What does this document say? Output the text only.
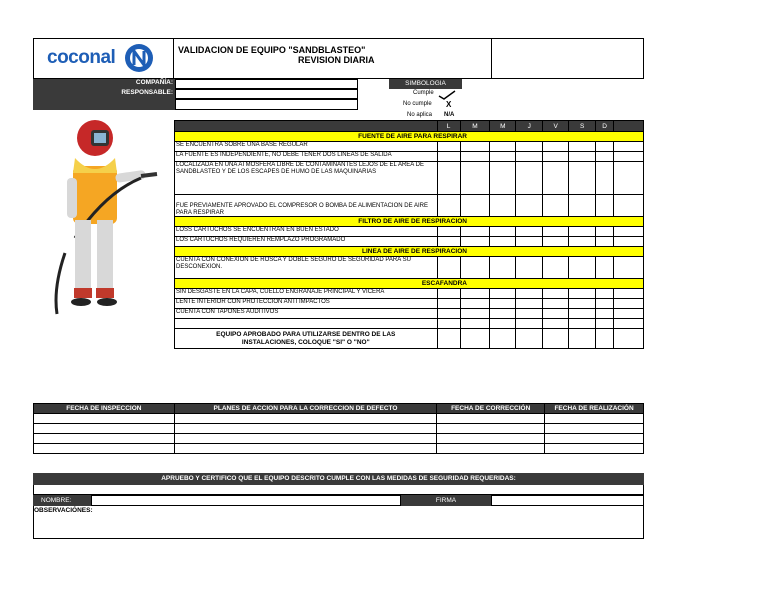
coconal	VALIDACION DE EQUIPO "SANDBLASTEO"
REVISION DIARIA
COMPAÑÍA:
RESPONSABLE:
SIMBOLOGIA
Cumple
No cumple X
No aplica N/A
	L	M	M	J	V	S	D	
FUENTE DE AIRE PARA RESPIRAR								
SE ENCUENTRA SOBRE UNA BASE REGULAR								
LA FUENTE ES INDEPENDIENTE, NO DEBE TENER DOS LINEAS DE SALIDA								
LOCALIZADA EN UNA ATMOSFERA LIBRE DE CONTAMINANTES LEJOS DE EL AREA DE SANDBLASTEO Y DE LOS ESCAPES DE HUMO DE LAS MAQUINARIAS								
FUE PREVIAMENTE APROVADO EL COMPRESOR O BOMBA DE ALIMENTACION DE AIRE PARA RESPIRAR								
FILTRO DE AIRE DE RESPIRACION								
LOSS CARTUCHOS SE ENCUENTRAN EN BUEN ESTADO								
LOS CARTUCHOS REQUIEREN REMPLAZO PROGRAMADO								
LINEA DE AIRE DE RESPIRACION								
CUENTA CON CONEXION DE ROSCA Y DOBLE SEGURO DE SEGURIDAD PARA SU DESCONEXION.								
ESCAFANDRA								
SIN DESGASTE EN LA CAPA, CUELLO ENGRANAJE PRINCIPAL Y VICERA								
LENTE INTERIOR CON PROTECCION ANTI IMPACTOS								
CUENTA CON TAPONES AUDITIVOS								

EQUIPO APROBADO PARA UTILIZARSE DENTRO DE LAS INSTALACIONES, COLOQUE "SI" O "NO"								
FECHA DE INSPECCION	PLANES DE ACCION PARA LA CORRECCION DE DEFECTO	FECHA DE CORRECCIÓN	FECHA DE REALIZACIÓN

APRUEBO Y CERTIFICO QUE EL EQUIPO DESCRITO CUMPLE CON LAS MEDIDAS DE SEGURIDAD REQUERIDAS:
NOMBRE:	FIRMA
OBSERVACIÓNES:
